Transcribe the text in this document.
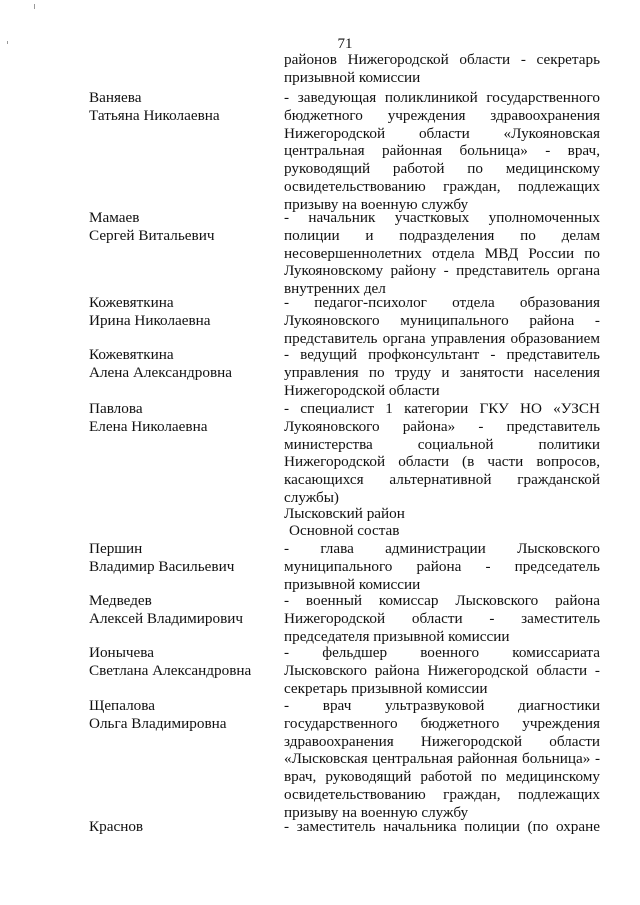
71
районов Нижегородской области - секретарь
призывной комиссии
Ваняева
Татьяна Николаевна
- заведующая поликлиникой государственного
бюджетного учреждения здравоохранения
Нижегородской области «Лукояновская
центральная районная больница» - врач,
руководящий работой по медицинскому
освидетельствованию граждан, подлежащих
призыву на военную службу
Мамаев
Сергей Витальевич
- начальник участковых уполномоченных
полиции и подразделения по делам
несовершеннолетних отдела МВД России по
Лукояновскому району - представитель органа
внутренних дел
Кожевяткина
Ирина Николаевна
- педагог-психолог отдела образования
Лукояновского муниципального района -
представитель органа управления образованием
Кожевяткина
Алена Александровна
- ведущий профконсультант - представитель
управления по труду и занятости населения
Нижегородской области
Павлова
Елена Николаевна
- специалист 1 категории ГКУ НО «УЗСН
Лукояновского района» - представитель
министерства социальной политики
Нижегородской области (в части вопросов,
касающихся альтернативной гражданской
службы)
Лысковский район
Основной состав
Першин
Владимир Васильевич
- глава администрации Лысковского
муниципального района - председатель
призывной комиссии
Медведев
Алексей Владимирович
- военный комиссар Лысковского района
Нижегородской области - заместитель
председателя призывной комиссии
Ионычева
Светлана Александровна
- фельдшер военного комиссариата
Лысковского района Нижегородской области -
секретарь призывной комиссии
Щепалова
Ольга Владимировна
- врач ультразвуковой диагностики
государственного бюджетного учреждения
здравоохранения Нижегородской области
«Лысковская центральная районная больница» -
врач, руководящий работой по медицинскому
освидетельствованию граждан, подлежащих
призыву на военную службу
Краснов	- заместитель начальника полиции (по охране
